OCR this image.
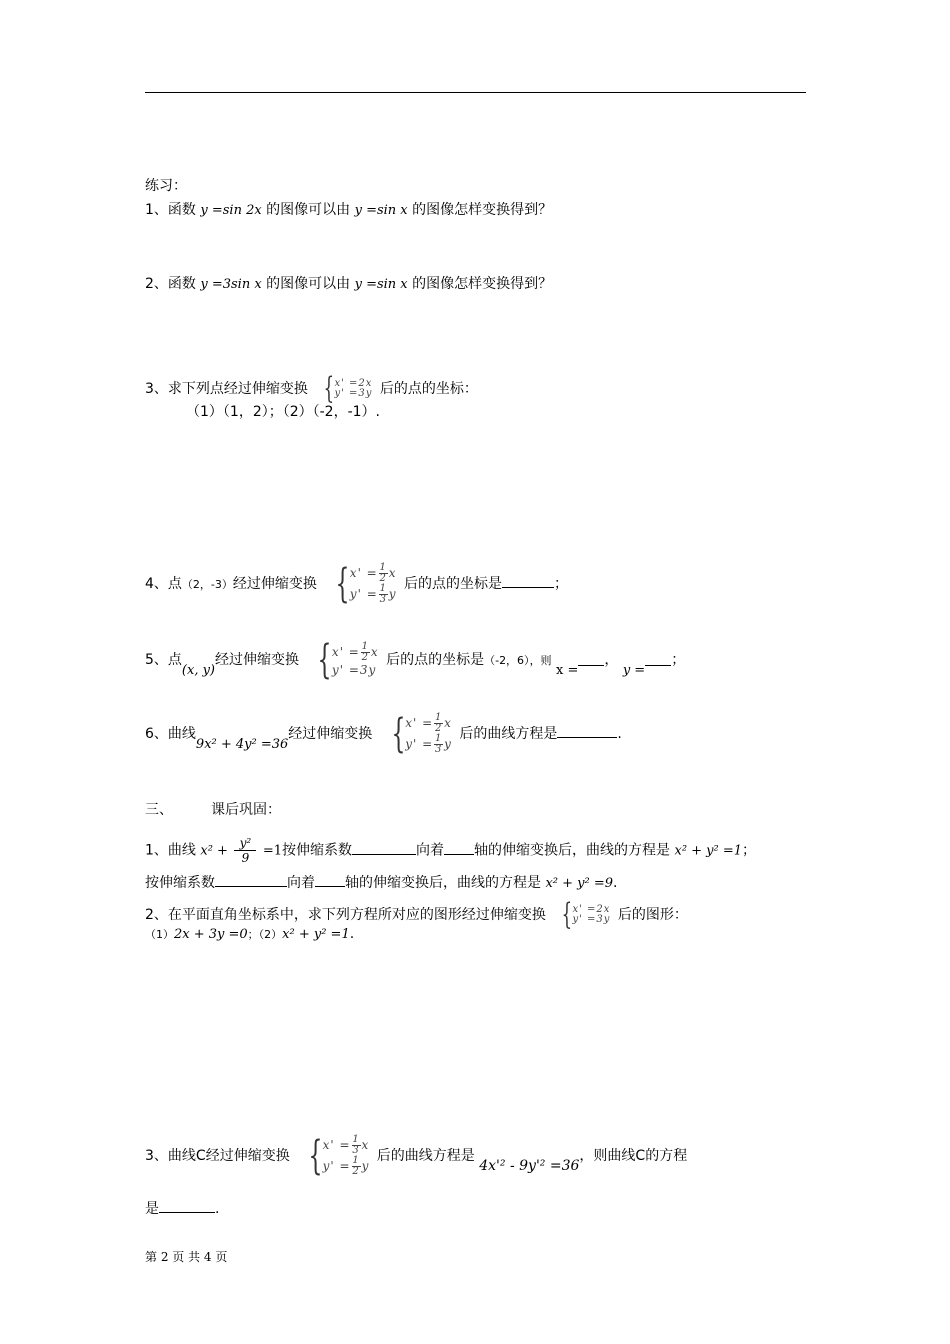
练习：
1、函数 y =sin 2x 的图像可以由 y =sin x 的图像怎样变换得到？
2、函数 y =3sin x 的图像可以由 y =sin x 的图像怎样变换得到？
3、求下列点经过伸缩变换 { x' =2x
y' =3y 后的点的坐标：
（1）（1，2）；（2）（-2，-1）.
4、点（2，-3）经过伸缩变换 { $x' = \frac{1}{2}$ x
$y' = \frac{1}{3}$ y
后的点的坐标是	；
5、点(x, y)经过伸缩变换 { $x' = \frac{1}{2}$ x
y' =3y
后的点的坐标是（-2，6），则 x =， y =；
6、曲线9x² + 4y² =36经过伸缩变换 { $x' = \frac{1}{2}$ x
$y' = \frac{1}{3}$ y
后的曲线方程是	.
三、	课后巩固：
1、曲线 $x^2 + \frac{\text{y²}}{9} =1$按伸缩系数	向着 轴的伸缩变换后，曲线的方程是 x² + y² =1；
按伸缩系数	向着 轴的伸缩变换后，曲线的方程是 x² + y² =9.
2、在平面直角坐标系中，求下列方程所对应的图形经过伸缩变换 { x' =2x
y' =3y 后的图形：
（1）2x + 3y =0；（2）x² + y² =1.
3、曲线C经过伸缩变换 { $x' = \frac{1}{3}$ x
$y' = \frac{1}{2}$ y
后的曲线方程是 4x'² - 9y'² =36，则曲线C的方程
是	.
第 2 页 共 4 页
